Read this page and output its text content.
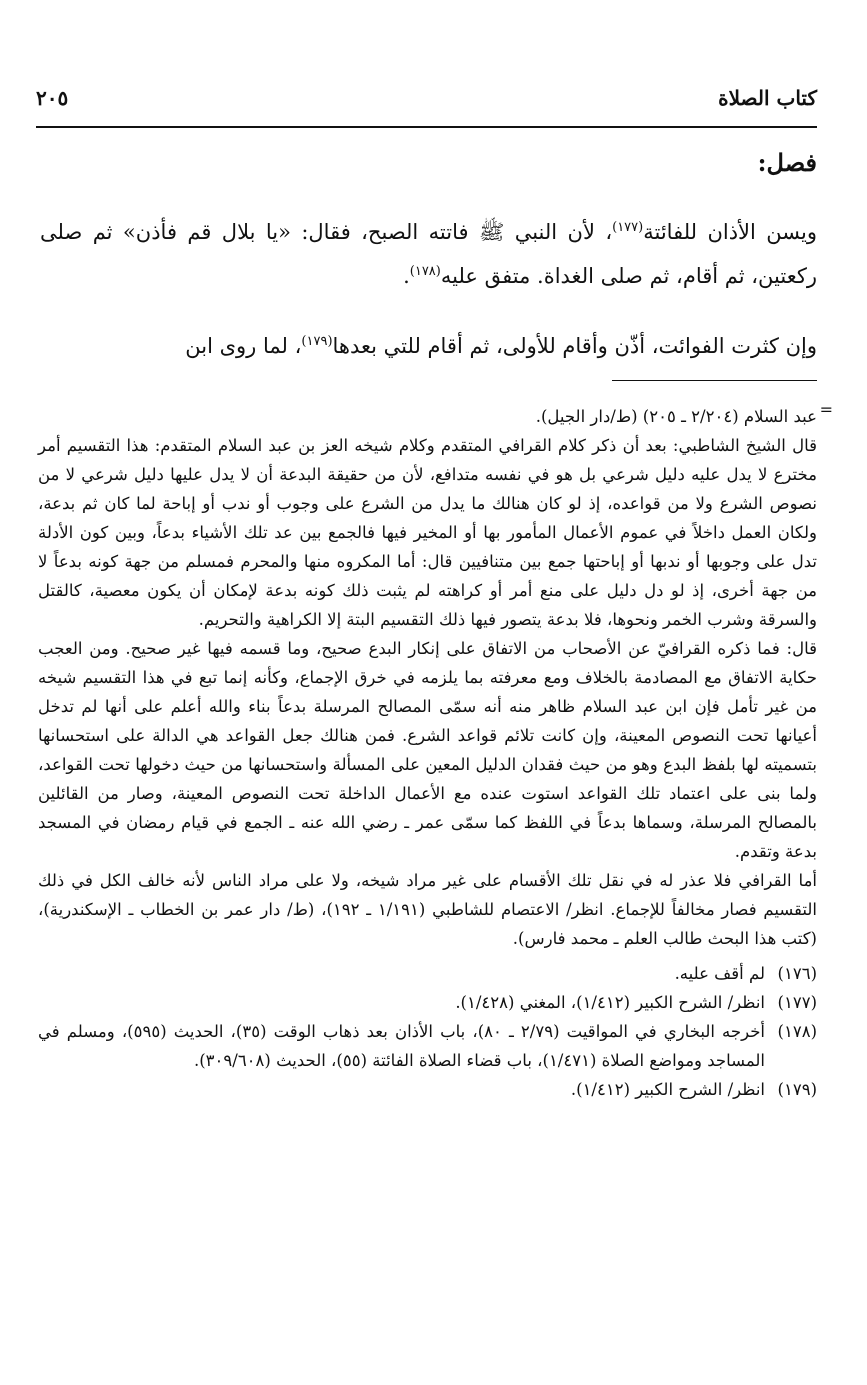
كتاب الصلاة
٢٠٥
فصل:

ويسن الأذان للفائتة$^{(١٧٧)}$، لأن النبي ﷺ فاتته الصبح، فقال: «يا بلال قم فأذن» ثم صلى ركعتين، ثم أقام، ثم صلى الغداة. متفق عليه$^{(١٧٨)}$.

وإن كثرت الفوائت، أذّن وأقام للأولى، ثم أقام للتي بعدها$^{(١٧٩)}$، لما روى ابن

=

عبد السلام (٢/٢٠٤ ـ ٢٠٥) (ط/دار الجيل).

قال الشيخ الشاطبي: بعد أن ذكر كلام القرافي المتقدم وكلام شيخه العز بن عبد السلام المتقدم: هذا التقسيم أمر مخترع لا يدل عليه دليل شرعي بل هو في نفسه متدافع، لأن من حقيقة البدعة أن لا يدل عليها دليل شرعي لا من نصوص الشرع ولا من قواعده، إذ لو كان هنالك ما يدل من الشرع على وجوب أو ندب أو إباحة لما كان ثم بدعة، ولكان العمل داخلاً في عموم الأعمال المأمور بها أو المخير فيها فالجمع بين عد تلك الأشياء بدعاً، وبين كون الأدلة تدل على وجوبها أو ندبها أو إباحتها جمع بين متنافيين قال: أما المكروه منها والمحرم فمسلم من جهة كونه بدعاً لا من جهة أخرى، إذ لو دل دليل على منع أمر أو كراهته لم يثبت ذلك كونه بدعة لإمكان أن يكون معصية، كالقتل والسرقة وشرب الخمر ونحوها، فلا بدعة يتصور فيها ذلك التقسيم البتة إلا الكراهية والتحريم.

قال: فما ذكره القرافيّ عن الأصحاب من الاتفاق على إنكار البدع صحيح، وما قسمه فيها غير صحيح. ومن العجب حكاية الاتفاق مع المصادمة بالخلاف ومع معرفته بما يلزمه في خرق الإجماع، وكأنه إنما تبع في هذا التقسيم شيخه من غير تأمل فإن ابن عبد السلام ظاهر منه أنه سمّى المصالح المرسلة بدعاً بناء والله أعلم على أنها لم تدخل أعيانها تحت النصوص المعينة، وإن كانت تلائم قواعد الشرع. فمن هنالك جعل القواعد هي الدالة على استحسانها بتسميته لها بلفظ البدع وهو من حيث فقدان الدليل المعين على المسألة واستحسانها من حيث دخولها تحت القواعد، ولما بنى على اعتماد تلك القواعد استوت عنده مع الأعمال الداخلة تحت النصوص المعينة، وصار من القائلين بالمصالح المرسلة، وسماها بدعاً في اللفظ كما سمّى عمر ـ رضي الله عنه ـ الجمع في قيام رمضان في المسجد بدعة وتقدم.

أما القرافي فلا عذر له في نقل تلك الأقسام على غير مراد شيخه، ولا على مراد الناس لأنه خالف الكل في ذلك التقسيم فصار مخالفاً للإجماع. انظر/ الاعتصام للشاطبي (١/١٩١ ـ ١٩٢)، (ط/ دار عمر بن الخطاب ـ الإسكندرية)، (كتب هذا البحث طالب العلم ـ محمد فارس).

(١٧٦)
لم أقف عليه.
(١٧٧)
انظر/ الشرح الكبير (١/٤١٢)، المغني (١/٤٢٨).
(١٧٨)
أخرجه البخاري في المواقيت (٢/٧٩ ـ ٨٠)، باب الأذان بعد ذهاب الوقت (٣٥)، الحديث (٥٩٥)، ومسلم في المساجد ومواضع الصلاة (١/٤٧١)، باب قضاء الصلاة الفائتة (٥٥)، الحديث (٣٠٩/٦٠٨).
(١٧٩)
انظر/ الشرح الكبير (١/٤١٢).
